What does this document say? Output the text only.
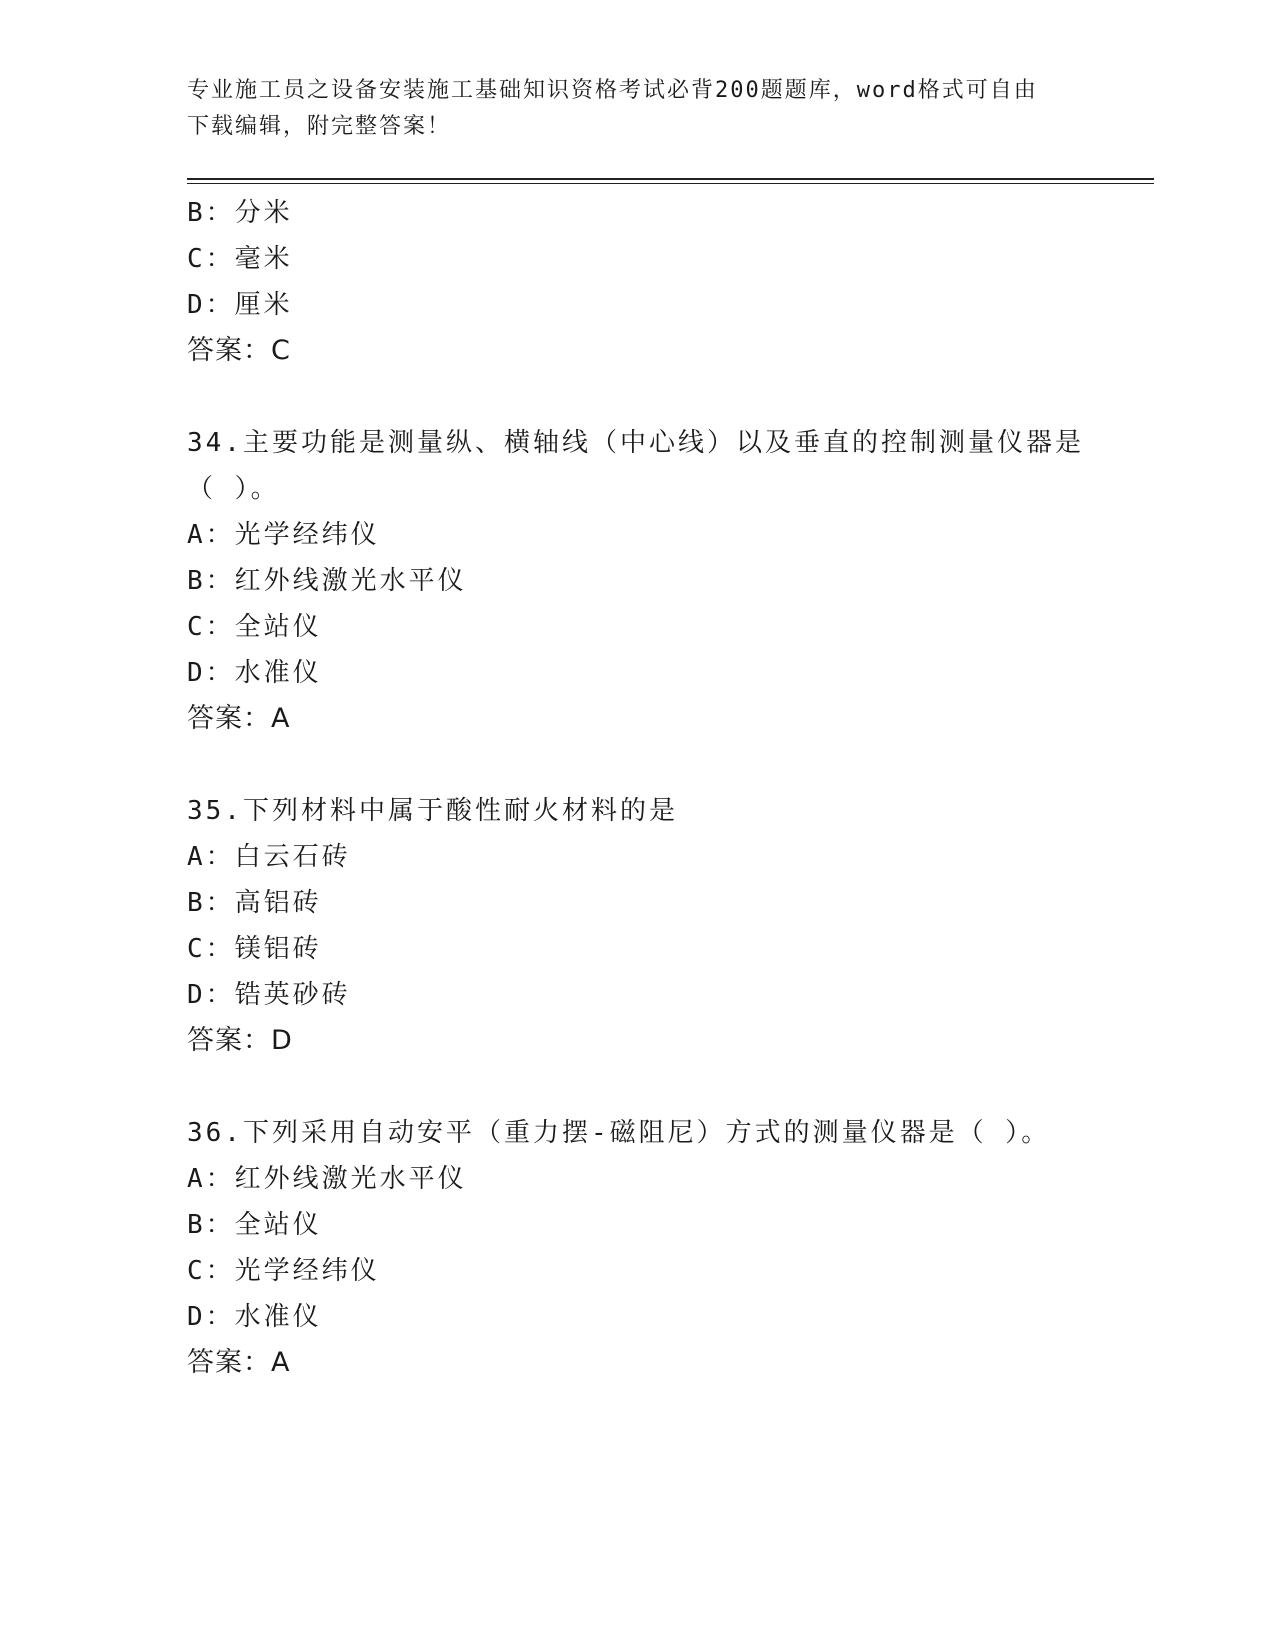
专业施工员之设备安装施工基础知识资格考试必背200题题库，word格式可自由
下载编辑，附完整答案！
B：分米
C：毫米
D：厘米
答案：C
34.主要功能是测量纵、横轴线（中心线）以及垂直的控制测量仪器是
（ ）。
A：光学经纬仪
B：红外线激光水平仪
C：全站仪
D：水准仪
答案：A
35.下列材料中属于酸性耐火材料的是
A：白云石砖
B：高铝砖
C：镁铝砖
D：锆英砂砖
答案：D
36.下列采用自动安平（重力摆-磁阻尼）方式的测量仪器是（ ）。
A：红外线激光水平仪
B：全站仪
C：光学经纬仪
D：水准仪
答案：A
